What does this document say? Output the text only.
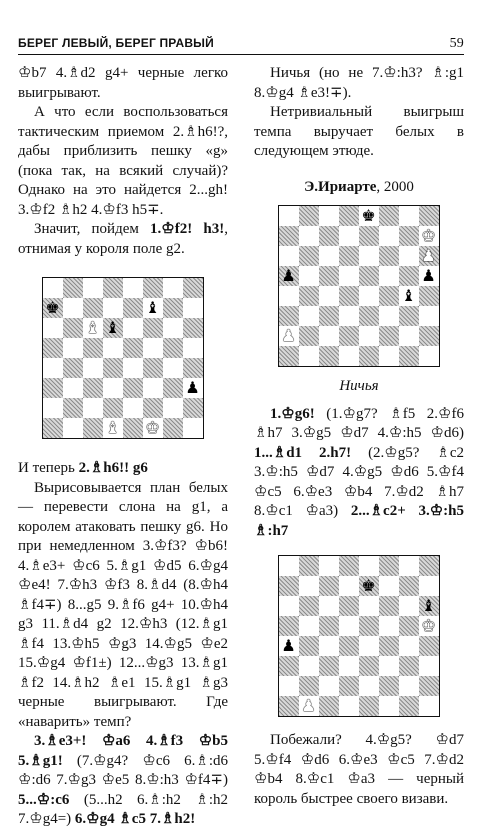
БЕРЕГ ЛЕВЫЙ, БЕРЕГ ПРАВЫЙ	59

♔b7 4.♗d2 g4+ черные легко выигрывают.

А что если воспользоваться тактическим приемом 2.♗h6!?, дабы приблизить пешку «g» (пока так, на всякий случай)? Однако на это найдется 2...gh! 3.♔f2 ♗h2 4.♔f3 h5∓.

Значит, пойдем 1.♔f2! h3!, отнимая у короля поле g2.

♚	♝
♝ ♝
♟
♝ ♚

И теперь 2.♗h6!! g6

Вырисовывается план белых — перевести слона на g1, а королем атаковать пешку g6. Но при немедленном 3.♔f3? ♔b6! 4.♗e3+ ♔c6 5.♗g1 ♔d5 6.♔g4 ♔e4! 7.♔h3 ♔f3 8.♗d4 (8.♔h4 ♗f4∓) 8...g5 9.♗f6 g4+ 10.♔h4 g3 11.♗d4 g2 12.♔h3 (12.♗g1 ♗f4 13.♔h5 ♔g3 14.♔g5 ♔e2 15.♔g4 ♔f1±) 12...♔g3 13.♗g1 ♗f2 14.♗h2 ♗e1 15.♗g1 ♗g3 черные выигрывают. Где «наварить» темп?

3.♗e3+! ♔a6 4.♗f3 ♔b5 5.♗g1! (7.♔g4? ♔c6 6.♗:d6 ♔:d6 7.♔g3 ♔e5 8.♔:h3 ♔f4∓) 5...♔:c6 (5...h2 6.♗:h2 ♗:h2 7.♔g4=) 6.♔g4 ♗c5 7.♗h2!

Ничья (но не 7.♔:h3? ♗:g1 8.♔g4 ♗e3!∓).

Нетривиальный выигрыш темпа выручает белых в следующем этюде.

Э.Ириарте, 2000

♚
♚
♟
♟	♟
♝
♟

Ничья

1.♔g6! (1.♔g7? ♗f5 2.♔f6 ♗h7 3.♔g5 ♔d7 4.♔:h5 ♔d6) 1...♗d1 2.h7! (2.♔g5? ♗c2 3.♔:h5 ♔d7 4.♔g5 ♔d6 5.♔f4 ♔c5 6.♔e3 ♔b4 7.♔d2 ♗h7 8.♔c1 ♔a3) 2...♗c2+ 3.♔:h5 ♗:h7

♚
♝
♚
♟
♟

Побежали? 4.♔g5? ♔d7 5.♔f4 ♔d6 6.♔e3 ♔c5 7.♔d2 ♔b4 8.♔c1 ♔a3 — черный король быстрее своего визави.
